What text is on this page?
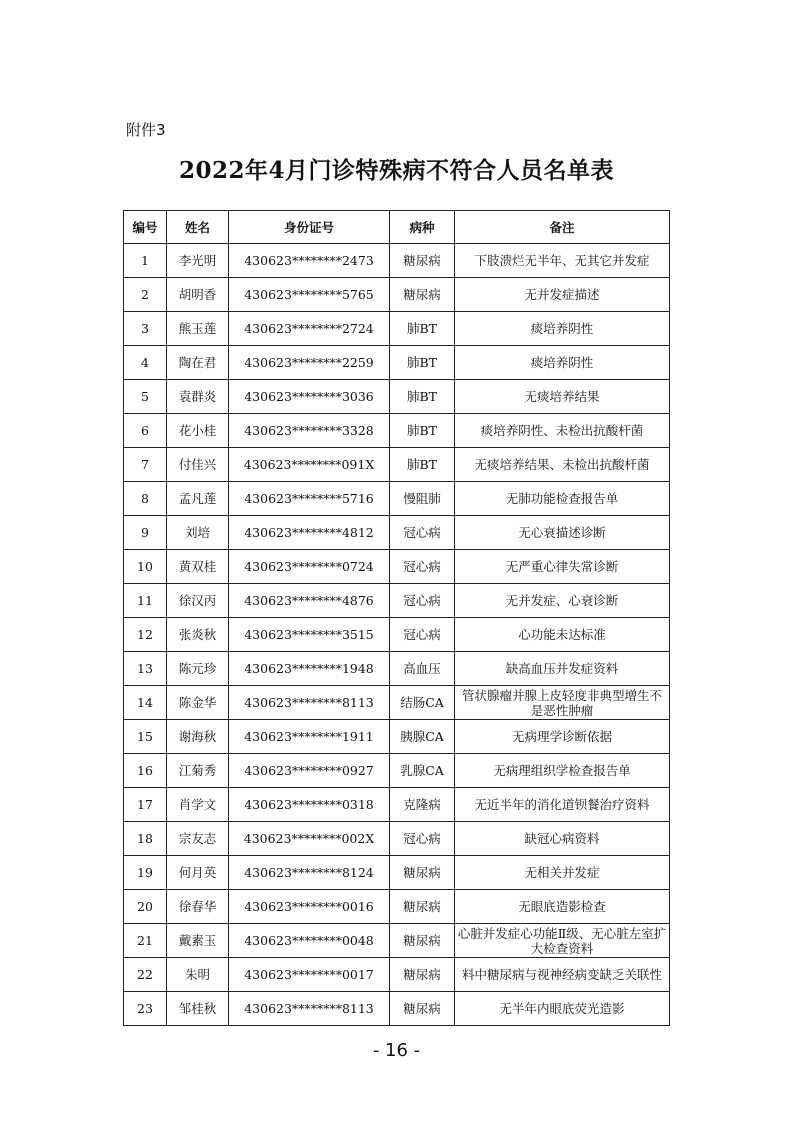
附件3
2022年4月门诊特殊病不符合人员名单表
编号	姓名	身份证号	病种	备注
1	李光明	430623********2473	糖尿病	下肢溃烂无半年、无其它并发症
2	胡明香	430623********5765	糖尿病	无并发症描述
3	熊玉莲	430623********2724	肺BT	痰培养阴性
4	陶在君	430623********2259	肺BT	痰培养阴性
5	袁群炎	430623********3036	肺BT	无痰培养结果
6	花小桂	430623********3328	肺BT	痰培养阴性、未检出抗酸杆菌
7	付佳兴	430623********091X	肺BT	无痰培养结果、未检出抗酸杆菌
8	孟凡莲	430623********5716	慢阻肺	无肺功能检查报告单
9	刘培	430623********4812	冠心病	无心衰描述诊断
10	黄双桂	430623********0724	冠心病	无严重心律失常诊断
11	徐汉丙	430623********4876	冠心病	无并发症、心衰诊断
12	张炎秋	430623********3515	冠心病	心功能未达标准
13	陈元珍	430623********1948	高血压	缺高血压并发症资料
14	陈金华	430623********8113	结肠CA	管状腺瘤并腺上皮轻度非典型增生不是恶性肿瘤
15	谢海秋	430623********1911	胰腺CA	无病理学诊断依据
16	江菊秀	430623********0927	乳腺CA	无病理组织学检查报告单
17	肖学文	430623********0318	克隆病	无近半年的消化道钡餐治疗资料
18	宗友志	430623********002X	冠心病	缺冠心病资料
19	何月英	430623********8124	糖尿病	无相关并发症
20	徐春华	430623********0016	糖尿病	无眼底造影检查
21	戴素玉	430623********0048	糖尿病	心脏并发症心功能Ⅱ级、无心脏左室扩大检查资料
22	朱明	430623********0017	糖尿病	料中糖尿病与视神经病变缺乏关联性
23	邹桂秋	430623********8113	糖尿病	无半年内眼底荧光造影
- 16 -
